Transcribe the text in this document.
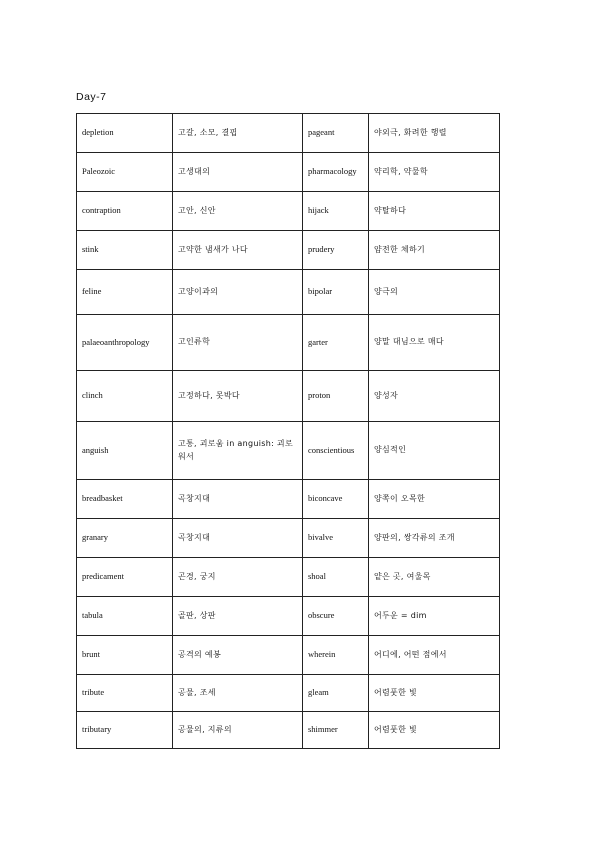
Day-7
depletion	고갈, 소모, 결핍	pageant	야외극, 화려한 행렬
Paleozoic	고생대의	pharmacology	약리학, 약물학
contraption	고안, 신안	hijack	약탈하다
stink	고약한 냄새가 나다	prudery	얌전한 체하기
feline	고양이과의	bipolar	양극의
palaeoanthropology	고인류학	garter	양말 대님으로 매다
clinch	고정하다, 못박다	proton	양성자
anguish	고통, 괴로움 in anguish: 괴로워서	conscientious	양심적인
breadbasket	곡창지대	biconcave	양쪽이 오목한
granary	곡창지대	bivalve	양판의, 쌍각류의 조개
predicament	곤경, 궁지	shoal	얕은 곳, 여울목
tabula	골판, 상판	obscure	어두운 = dim
brunt	공격의 예봉	wherein	어디에, 어떤 점에서
tribute	공물, 조세	gleam	어렴풋한 빛
tributary	공물의, 지류의	shimmer	어렴풋한 빛
